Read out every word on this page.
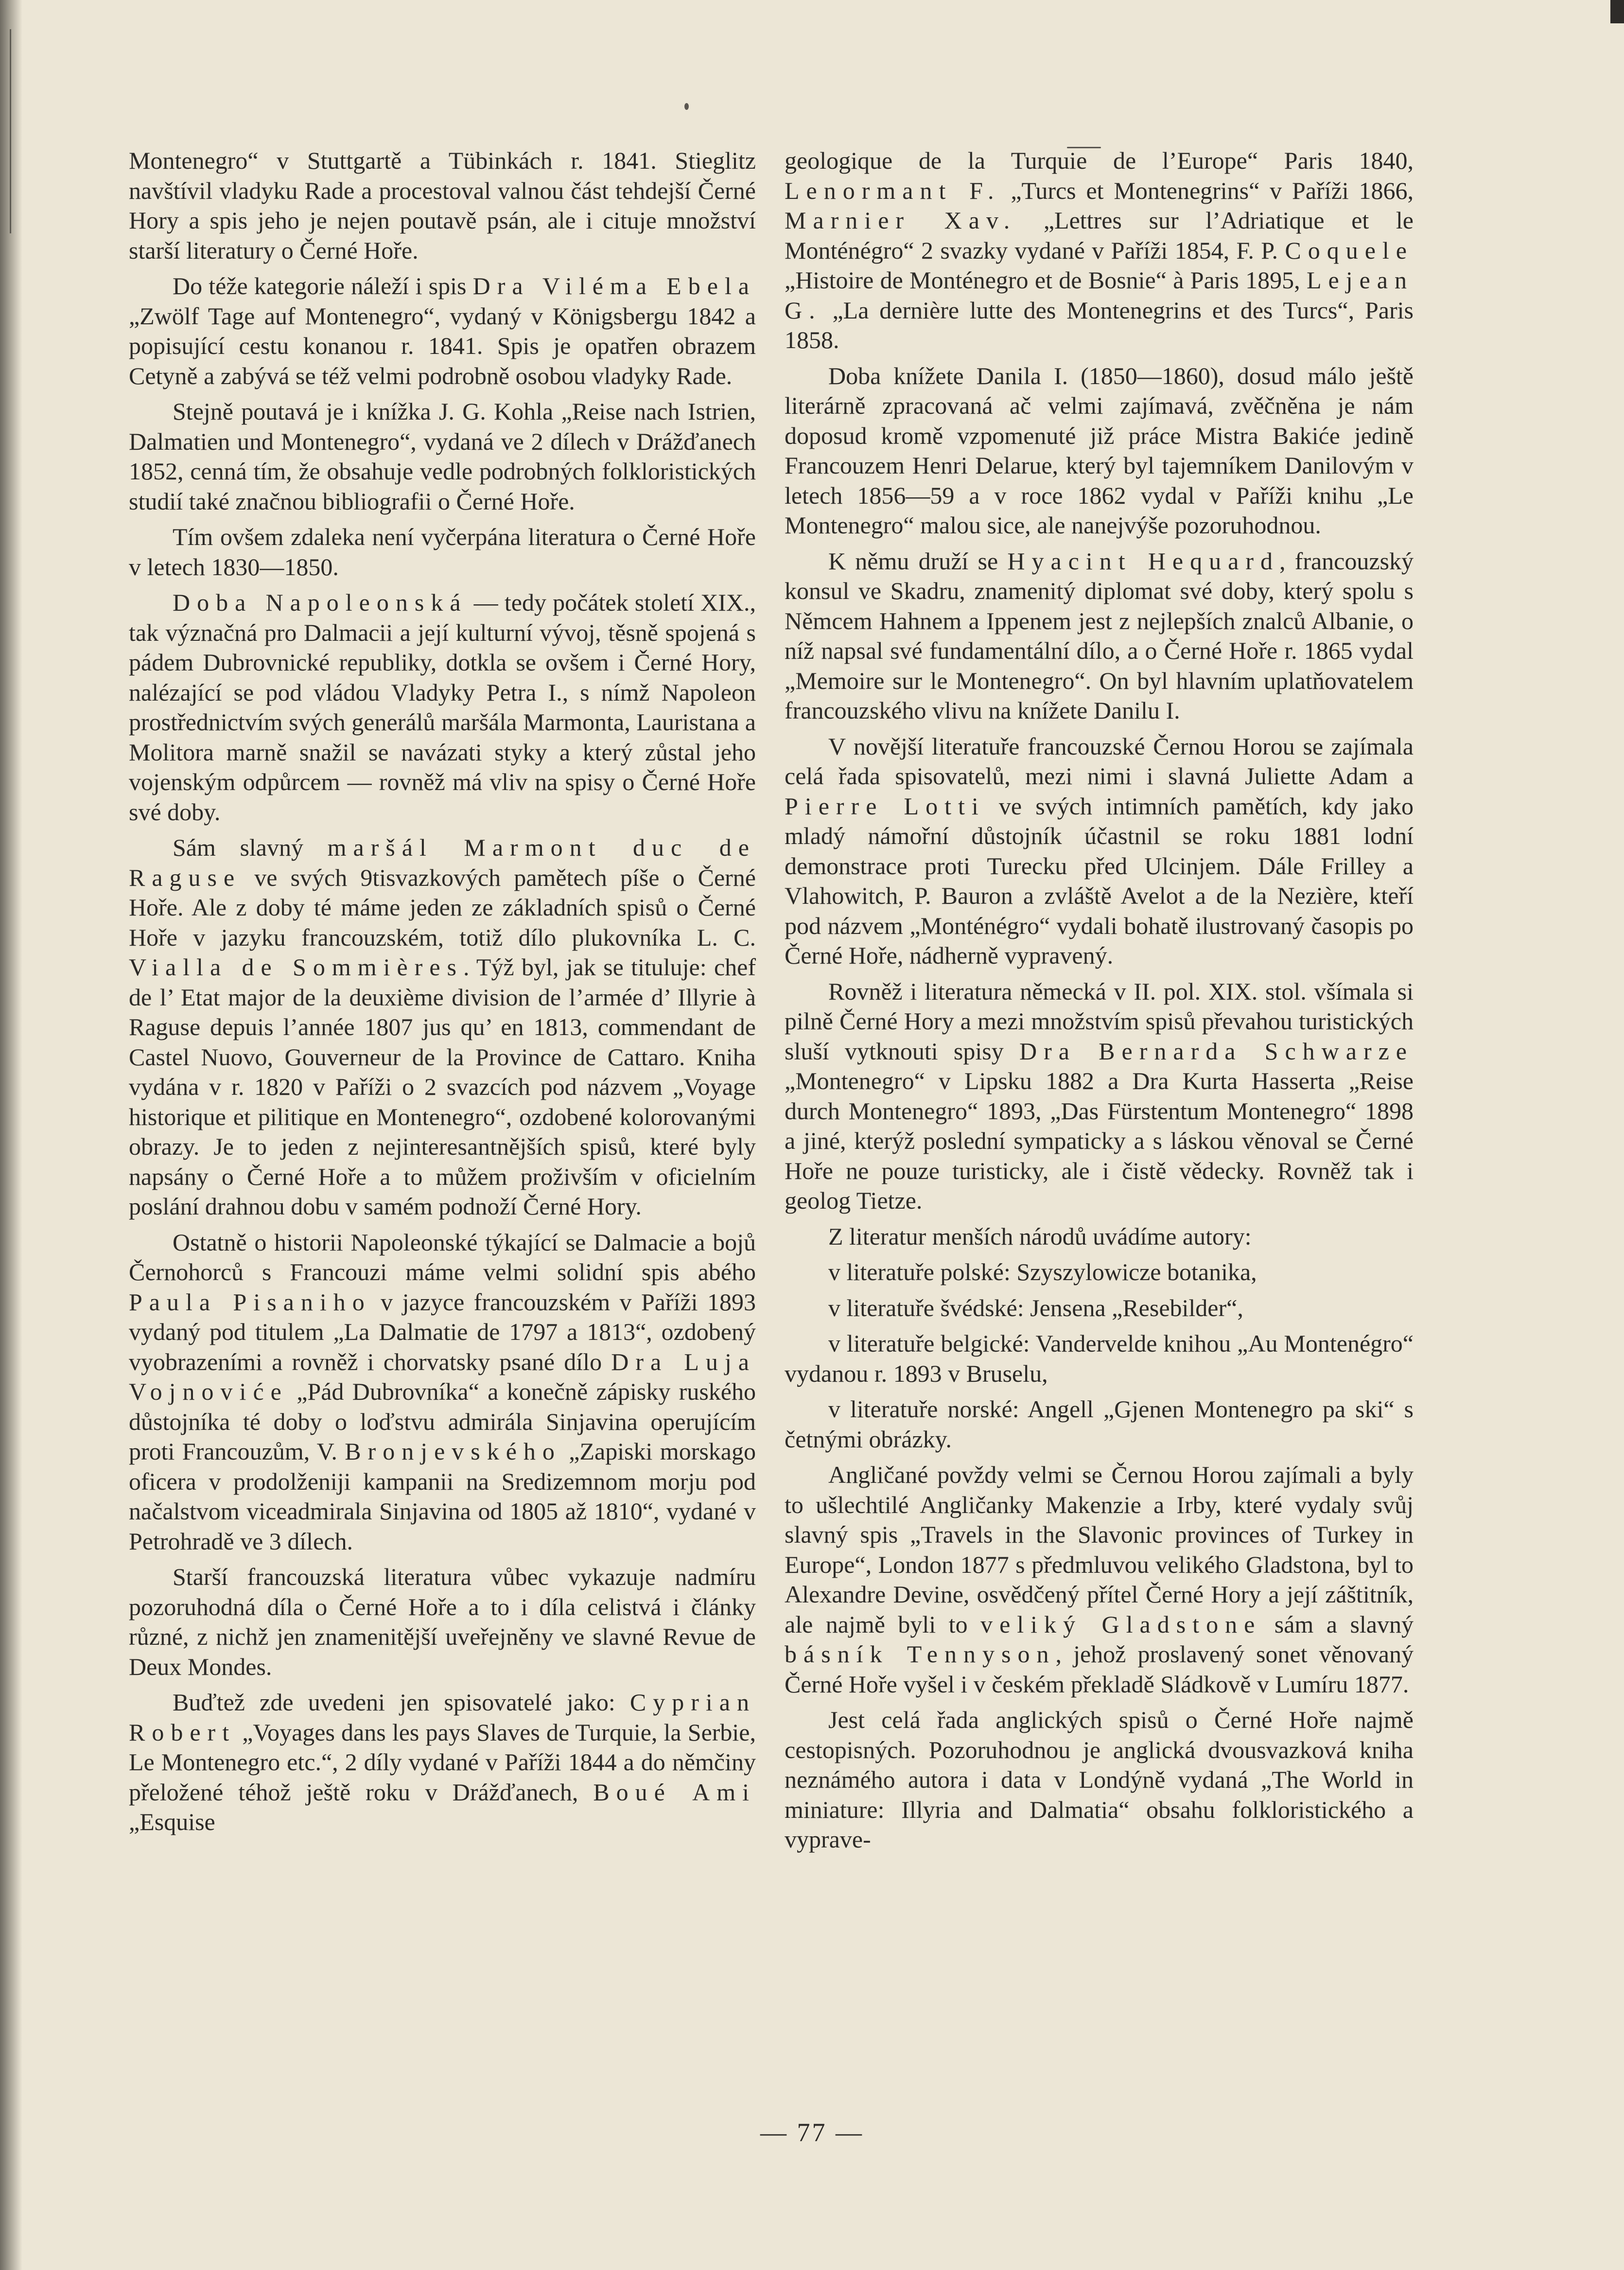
Montenegro“ v Stuttgartě a Tübinkách r. 1841. Stieglitz navštívil vladyku Rade a procestoval valnou část tehdejší Černé Hory a spis jeho je nejen poutavě psán, ale i cituje množství starší literatury o Černé Hoře.

Do téže kategorie náleží i spis Dra Viléma Ebela „Zwölf Tage auf Montenegro“, vydaný v Königsbergu 1842 a popisující cestu konanou r. 1841. Spis je opatřen obrazem Cetyně a zabývá se též velmi podrobně osobou vladyky Rade.

Stejně poutavá je i knížka J. G. Kohla „Reise nach Istrien, Dalmatien und Montenegro“, vydaná ve 2 dílech v Drážďanech 1852, cenná tím, že obsahuje vedle podrobných folkloristických studií také značnou bibliografii o Černé Hoře.

Tím ovšem zdaleka není vyčerpána literatura o Černé Hoře v letech 1830—1850.

Doba Napoleonská — tedy počátek století XIX., tak význačná pro Dalmacii a její kulturní vývoj, těsně spojená s pádem Dubrovnické republiky, dotkla se ovšem i Černé Hory, nalézající se pod vládou Vladyky Petra I., s nímž Napoleon prostřednictvím svých generálů maršála Marmonta, Lauristana a Molitora marně snažil se navázati styky a který zůstal jeho vojenským odpůrcem — rovněž má vliv na spisy o Černé Hoře své doby.

Sám slavný maršál Marmont duc de Raguse ve svých 9tisvazkových pamětech píše o Černé Hoře. Ale z doby té máme jeden ze základních spisů o Černé Hoře v jazyku francouzském, totiž dílo plukovníka L. C. Vialla de Sommières. Týž byl, jak se tituluje: chef de l’ Etat major de la deuxième division de l’armée d’ Illyrie à Raguse depuis l’année 1807 jus qu’ en 1813, commendant de Castel Nuovo, Gouverneur de la Province de Cattaro. Kniha vydána v r. 1820 v Paříži o 2 svazcích pod názvem „Voyage historique et pilitique en Montenegro“, ozdobené kolorovanými obrazy. Je to jeden z nejinteresantnějších spisů, které byly napsány o Černé Hoře a to můžem proživším v oficielním poslání drahnou dobu v samém podnoží Černé Hory.

Ostatně o historii Napoleonské týkající se Dalmacie a bojů Černohorců s Francouzi máme velmi solidní spis abého Paula Pisaniho v jazyce francouzském v Paříži 1893 vydaný pod titulem „La Dalmatie de 1797 a 1813“, ozdobený vyobrazeními a rovněž i chorvatsky psané dílo Dra Luja Vojnoviće „Pád Dubrovníka“ a konečně zápisky ruského důstojníka té doby o loďstvu admirála Sinjavina operujícím proti Francouzům, V. Bronjevského „Zapiski morskago oficera v prodolženiji kampanii na Sredizemnom morju pod načalstvom viceadmirala Sinjavina od 1805 až 1810“, vydané v Petrohradě ve 3 dílech.

Starší francouzská literatura vůbec vykazuje nadmíru pozoruhodná díla o Černé Hoře a to i díla celistvá i články různé, z nichž jen znamenitější uveřejněny ve slavné Revue de Deux Mondes.

Buďtež zde uvedeni jen spisovatelé jako: Cyprian Robert „Voyages dans les pays Slaves de Turquie, la Serbie, Le Montenegro etc.“, 2 díly vydané v Paříži 1844 a do němčiny přeložené téhož ještě roku v Drážďanech, Boué Ami „Esquise

geologique de la Turquie de l’Europe“ Paris 1840, Lenormant F. „Turcs et Montenegrins“ v Paříži 1866, Marnier Xav. „Lettres sur l’Adriatique et le Monténégro“ 2 svazky vydané v Paříži 1854, F. P. Coquele „Histoire de Monténegro et de Bosnie“ à Paris 1895, Lejean G. „La dernière lutte des Montenegrins et des Turcs“, Paris 1858.

Doba knížete Danila I. (1850—1860), dosud málo ještě literárně zpracovaná ač velmi zajímavá, zvěčněna je nám doposud kromě vzpomenuté již práce Mistra Bakiće jedině Francouzem Henri Delarue, který byl tajemníkem Danilovým v letech 1856—59 a v roce 1862 vydal v Paříži knihu „Le Montenegro“ malou sice, ale nanejvýše pozoruhodnou.

K němu druží se Hyacint Hequard, francouzský konsul ve Skadru, znamenitý diplomat své doby, který spolu s Němcem Hahnem a Ippenem jest z nejlepších znalců Albanie, o níž napsal své fundamentální dílo, a o Černé Hoře r. 1865 vydal „Memoire sur le Montenegro“. On byl hlavním uplatňovatelem francouzského vlivu na knížete Danilu I.

V novější literatuře francouzské Černou Horou se zajímala celá řada spisovatelů, mezi nimi i slavná Juliette Adam a Pierre Lotti ve svých intimních pamětích, kdy jako mladý námořní důstojník účastnil se roku 1881 lodní demonstrace proti Turecku před Ulcinjem. Dále Frilley a Vlahowitch, P. Bauron a zvláště Avelot a de la Nezière, kteří pod názvem „Monténégro“ vydali bohatě ilustrovaný časopis po Černé Hoře, nádherně vypravený.

Rovněž i literatura německá v II. pol. XIX. stol. všímala si pilně Černé Hory a mezi množstvím spisů převahou turistických sluší vytknouti spisy Dra Bernarda Schwarze „Montenegro“ v Lipsku 1882 a Dra Kurta Hasserta „Reise durch Montenegro“ 1893, „Das Fürstentum Montenegro“ 1898 a jiné, kterýž poslední sympaticky a s láskou věnoval se Černé Hoře ne pouze turisticky, ale i čistě vědecky. Rovněž tak i geolog Tietze.

Z literatur menších národů uvádíme autory:

v literatuře polské: Szyszylowicze botanika,

v literatuře švédské: Jensena „Resebilder“,

v literatuře belgické: Vandervelde knihou „Au Montenégro“ vydanou r. 1893 v Bruselu,

v literatuře norské: Angell „Gjenen Montenegro pa ski“ s četnými obrázky.

Angličané povždy velmi se Černou Horou zajímali a byly to ušlechtilé Angličanky Makenzie a Irby, které vydaly svůj slavný spis „Travels in the Slavonic provinces of Turkey in Europe“, London 1877 s předmluvou velikého Gladstona, byl to Alexandre Devine, osvědčený přítel Černé Hory a její záštitník, ale najmě byli to veliký Gladstone sám a slavný básník Tennyson, jehož proslavený sonet věnovaný Černé Hoře vyšel i v českém překladě Sládkově v Lumíru 1877.

Jest celá řada anglických spisů o Černé Hoře najmě cestopisných. Pozoruhodnou je anglická dvousvazková kniha neznámého autora i data v Londýně vydaná „The World in miniature: Illyria and Dalmatia“ obsahu folkloristického a vyprave-

— 77 —
